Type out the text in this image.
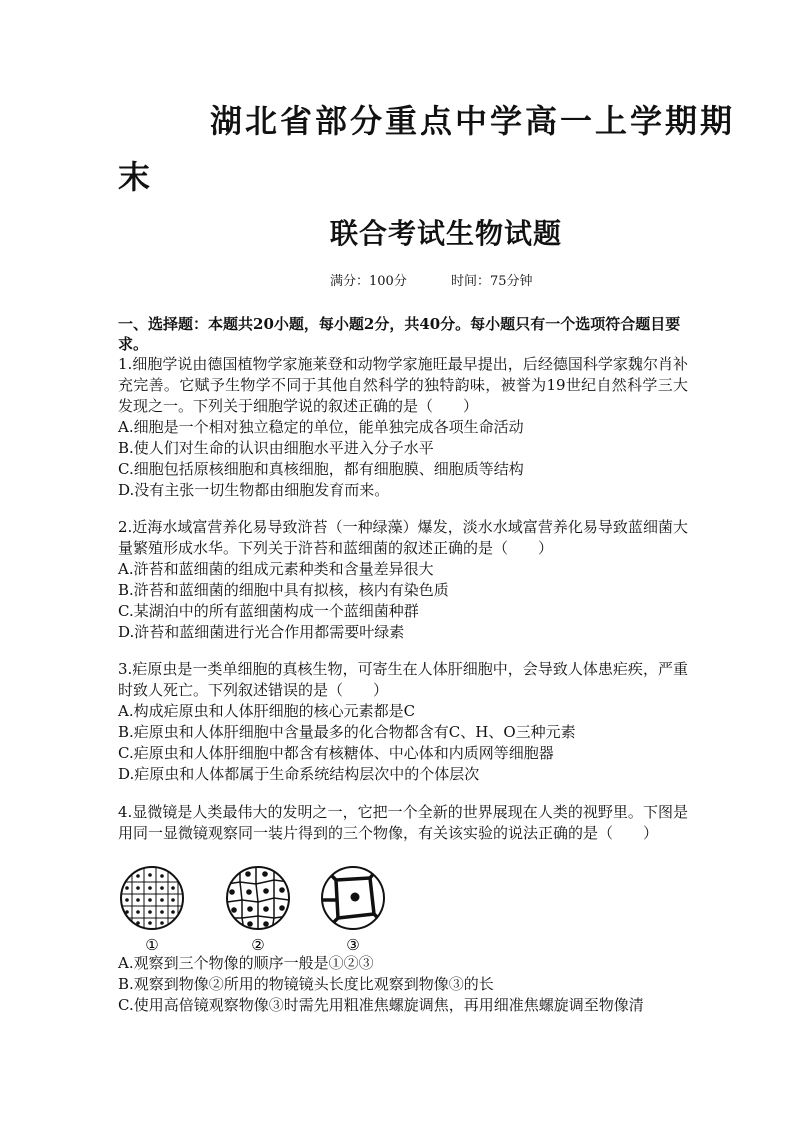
湖北省部分重点中学高一上学期期
末
联合考试生物试题
满分：100分	时间：75分钟
一、选择题：本题共20小题，每小题2分，共40分。每小题只有一个选项符合题目要求。

1.细胞学说由德国植物学家施莱登和动物学家施旺最早提出，后经德国科学家魏尔肖补充完善。它赋予生物学不同于其他自然科学的独特韵味，被誉为19世纪自然科学三大发现之一。下列关于细胞学说的叙述正确的是（　　）

A.细胞是一个相对独立稳定的单位，能单独完成各项生命活动

B.使人们对生命的认识由细胞水平进入分子水平

C.细胞包括原核细胞和真核细胞，都有细胞膜、细胞质等结构

D.没有主张一切生物都由细胞发育而来。

2.近海水域富营养化易导致浒苔（一种绿藻）爆发，淡水水域富营养化易导致蓝细菌大量繁殖形成水华。下列关于浒苔和蓝细菌的叙述正确的是（　　）

A.浒苔和蓝细菌的组成元素种类和含量差异很大

B.浒苔和蓝细菌的细胞中具有拟核，核内有染色质

C.某湖泊中的所有蓝细菌构成一个蓝细菌种群

D.浒苔和蓝细菌进行光合作用都需要叶绿素

3.疟原虫是一类单细胞的真核生物，可寄生在人体肝细胞中，会导致人体患疟疾，严重时致人死亡。下列叙述错误的是（　　）

A.构成疟原虫和人体肝细胞的核心元素都是C

B.疟原虫和人体肝细胞中含量最多的化合物都含有C、H、O三种元素

C.疟原虫和人体肝细胞中都含有核糖体、中心体和内质网等细胞器

D.疟原虫和人体都属于生命系统结构层次中的个体层次

4.显微镜是人类最伟大的发明之一，它把一个全新的世界展现在人类的视野里。下图是用同一显微镜观察同一装片得到的三个物像，有关该实验的说法正确的是（　　）

①	②	③

A.观察到三个物像的顺序一般是①②③

B.观察到物像②所用的物镜镜头长度比观察到物像③的长

C.使用高倍镜观察物像③时需先用粗准焦螺旋调焦，再用细准焦螺旋调至物像清
